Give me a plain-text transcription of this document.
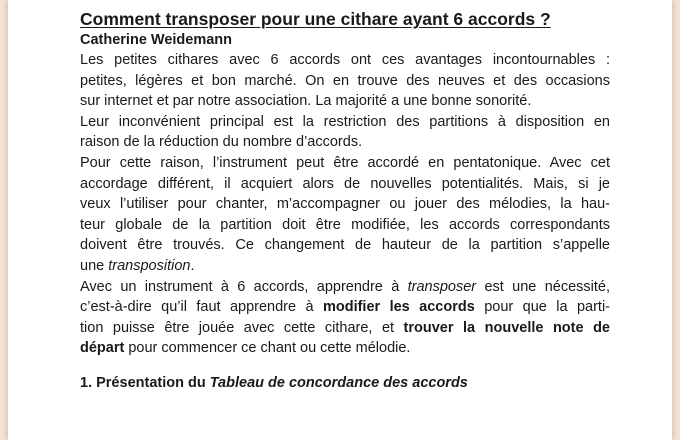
Comment transposer pour une cithare ayant 6 accords ?
Catherine Weidemann

Les petites cithares avec 6 accords ont ces avantages incontournables :
petites, légères et bon marché. On en trouve des neuves et des occasions
sur internet et par notre association. La majorité a une bonne sonorité.

Leur inconvénient principal est la restriction des partitions à disposition en
raison de la réduction du nombre d’accords.

Pour cette raison, l’instrument peut être accordé en pentatonique. Avec cet
accordage différent, il acquiert alors de nouvelles potentialités. Mais, si je
veux l’utiliser pour chanter, m’accompagner ou jouer des mélodies, la hau-
teur globale de la partition doit être modifiée, les accords correspondants
doivent être trouvés. Ce changement de hauteur de la partition s’appelle
une transposition.

Avec un instrument à 6 accords, apprendre à transposer est une nécessité,
c’est-à-dire qu’il faut apprendre à modifier les accords pour que la parti-
tion puisse être jouée avec cette cithare, et trouver la nouvelle note de
départ pour commencer ce chant ou cette mélodie.

1. Présentation du Tableau de concordance des accords
